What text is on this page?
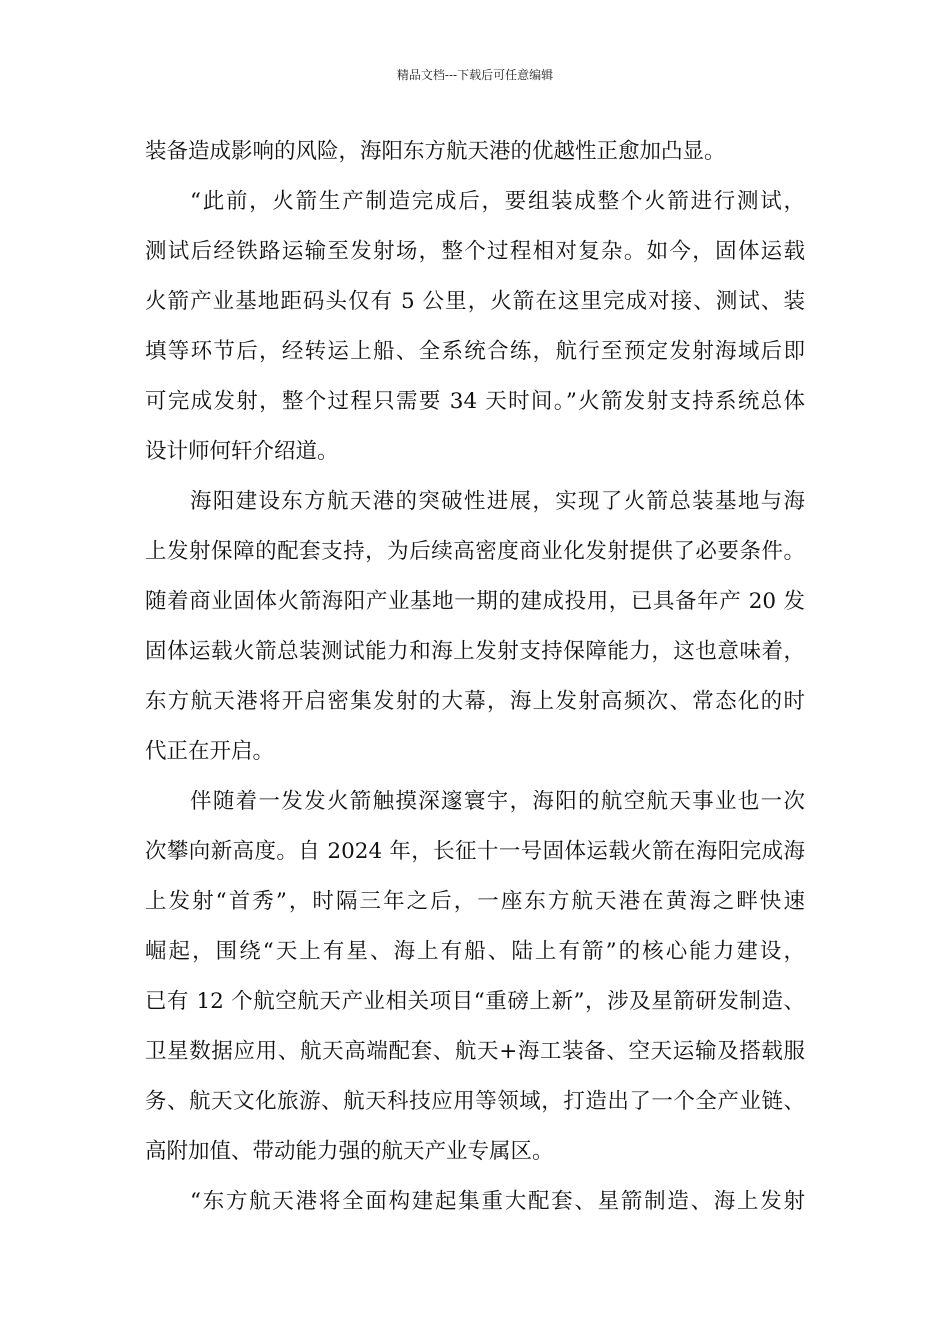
精品文档---下载后可任意编辑
装备造成影响的风险，海阳东方航天港的优越性正愈加凸显。
“此前，火箭生产制造完成后，要组装成整个火箭进行测试，
测试后经铁路运输至发射场，整个过程相对复杂。如今，固体运载
火箭产业基地距码头仅有 5 公里，火箭在这里完成对接、测试、装
填等环节后，经转运上船、全系统合练，航行至预定发射海域后即
可完成发射，整个过程只需要 34 天时间。”火箭发射支持系统总体
设计师何轩介绍道。
海阳建设东方航天港的突破性进展，实现了火箭总装基地与海
上发射保障的配套支持，为后续高密度商业化发射提供了必要条件。
随着商业固体火箭海阳产业基地一期的建成投用，已具备年产 20 发
固体运载火箭总装测试能力和海上发射支持保障能力，这也意味着，
东方航天港将开启密集发射的大幕，海上发射高频次、常态化的时
代正在开启。
伴随着一发发火箭触摸深邃寰宇，海阳的航空航天事业也一次
次攀向新高度。自 2024 年，长征十一号固体运载火箭在海阳完成海
上发射“首秀”，时隔三年之后，一座东方航天港在黄海之畔快速
崛起，围绕“天上有星、海上有船、陆上有箭”的核心能力建设，
已有 12 个航空航天产业相关项目“重磅上新”，涉及星箭研发制造、
卫星数据应用、航天高端配套、航天+海工装备、空天运输及搭载服
务、航天文化旅游、航天科技应用等领域，打造出了一个全产业链、
高附加值、带动能力强的航天产业专属区。
“东方航天港将全面构建起集重大配套、星箭制造、海上发射
